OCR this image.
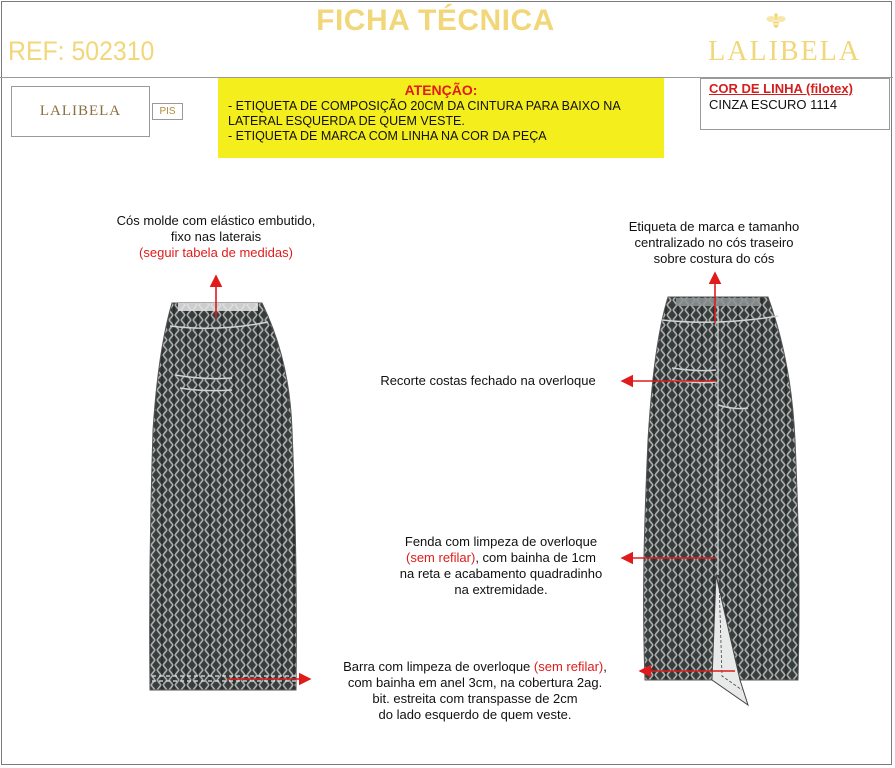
FICHA TÉCNICA
REF: 502310	LALIBELA
LALIBELA	PIS
ATENÇÃO:
- ETIQUETA DE COMPOSIÇÃO 20CM DA CINTURA PARA BAIXO NA
LATERAL ESQUERDA DE QUEM VESTE.
- ETIQUETA DE MARCA COM LINHA NA COR DA PEÇA
COR DE LINHA (filotex)
CINZA ESCURO 1114
Cós molde com elástico embutido,
fixo nas laterais
(seguir tabela de medidas)
Etiqueta de marca e tamanho
centralizado no cós traseiro
sobre costura do cós
Recorte costas fechado na overloque
Fenda com limpeza de overloque
(sem refilar), com bainha de 1cm
na reta e acabamento quadradinho
na extremidade.
Barra com limpeza de overloque (sem refilar),
com bainha em anel 3cm, na cobertura 2ag.
bit. estreita com transpasse de 2cm
do lado esquerdo de quem veste.
